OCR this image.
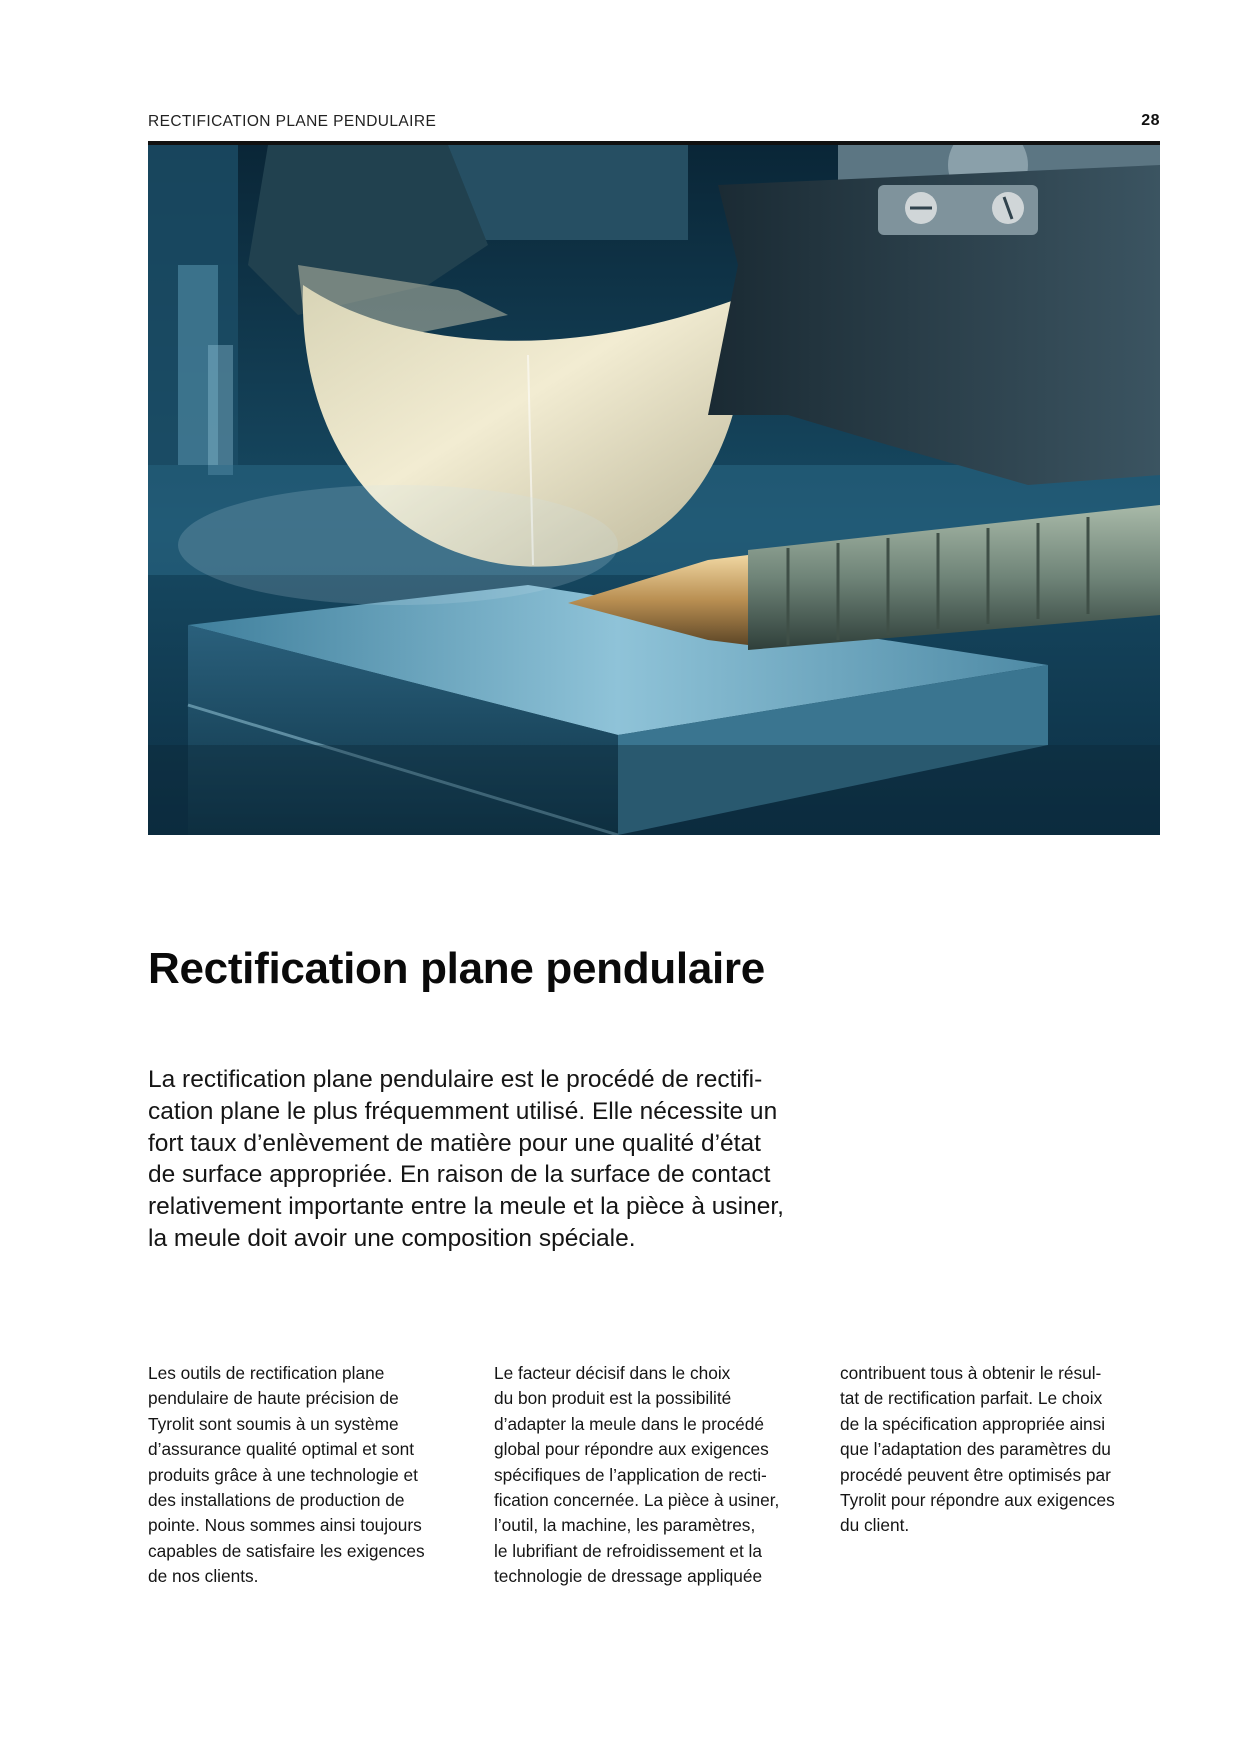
RECTIFICATION PLANE PENDULAIRE	28
Rectification plane pendulaire

La rectification plane pendulaire est le procédé de rectifi-
cation plane le plus fréquemment utilisé. Elle nécessite un
fort taux d’enlèvement de matière pour une qualité d’état
de surface appropriée. En raison de la surface de contact
relativement importante entre la meule et la pièce à usiner,
la meule doit avoir une composition spéciale.

Les outils de rectification plane
pendulaire de haute précision de
Tyrolit sont soumis à un système
d’assurance qualité optimal et sont
produits grâce à une technologie et
des installations de production de
pointe. Nous sommes ainsi toujours
capables de satisfaire les exigences
de nos clients.

Le facteur décisif dans le choix
du bon produit est la possibilité
d’adapter la meule dans le procédé
global pour répondre aux exigences
spécifiques de l’application de recti-
fication concernée. La pièce à usiner,
l’outil, la machine, les paramètres,
le lubrifiant de refroidissement et la
technologie de dressage appliquée

contribuent tous à obtenir le résul-
tat de rectification parfait. Le choix
de la spécification appropriée ainsi
que l’adaptation des paramètres du
procédé peuvent être optimisés par
Tyrolit pour répondre aux exigences
du client.
